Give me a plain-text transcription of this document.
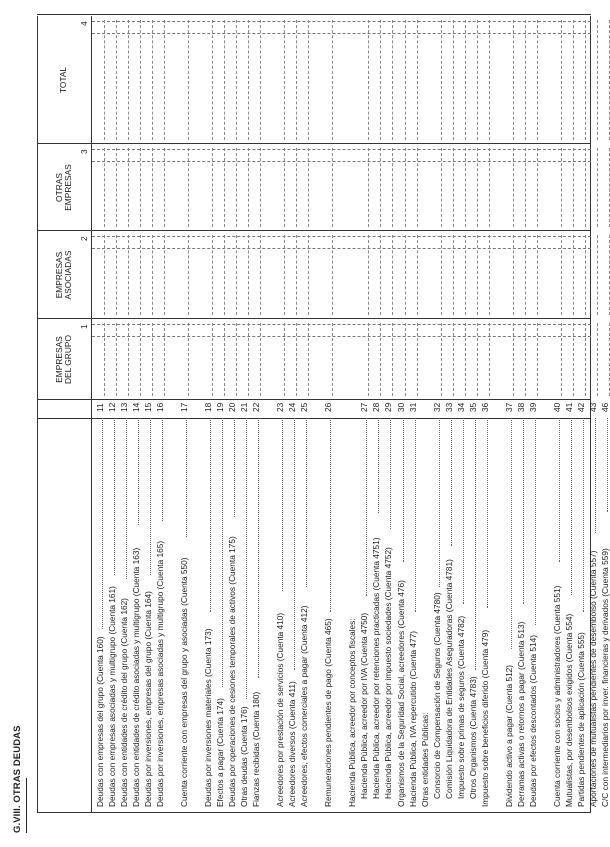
G.VIII. OTRAS DEUDAS
EMPRESAS DEL GRUPO
1
EMPRESAS ASOCIADAS
2
OTRAS EMPRESAS
3
TOTAL
4
Deudas con empresas del grupo (Cuenta 160)
11
Deudas con empresas asociadas y multigrupo (Cuenta 161)
12
Deudas con entidades de crédito del grupo (Cuenta 162)
13
Deudas con entidades de crédito asociadas y multigrupo (Cuenta 163)
14
Deudas por inversiones, empresas del grupo (Cuenta 164)
15
Deudas por inversiones, empresas asociadas y multigrupo (Cuenta 165)
16
Cuenta corriente con empresas del grupo y asociadas (Cuenta 550)
17
Deudas por inversiones materiales (Cuenta 173)
18
Efectos a pagar (Cuenta 174)
19
Deudas por operaciones de cesiones temporales de activos (Cuenta 175)
20
Otras deudas (Cuenta 176)
21
Fianzas recibidas (Cuenta 180)
22
Acreedores por prestación de servicios (Cuenta 410)
23
Acreedores diversos (Cuenta 411)
24
Acreedores, efectos comerciales a pagar (Cuenta 412)
25
Remuneraciones pendientes de pago (Cuenta 465)
26
Hacienda Pública, acreedor por conceptos fiscales: Hacienda Pública, acreedor por IVA (Cuenta 4750)
27
Hacienda Pública, acreedor por retenciones practicadas (Cuenta 4751)
28
Hacienda Pública, acreedor por impuesto sociedades (Cuenta 4752)
29
Organismos de la Seguridad Social, acreedores (Cuenta 476)
30
Hacienda Pública, IVA repercutido (Cuenta 477)
31
Otras entidades Públicas: Consorcio de Compensación de Seguros (Cuenta 4780)
32
Comisión Liquidadora de Entidades Aseguradoras (Cuenta 4781)
33
Impuesto sobre primas de seguros (Cuenta 4782)
34
Otros Organismos (Cuenta 4783)
35
Impuesto sobre beneficios diferido (Cuenta 479)
36
Dividendo activo a pagar (Cuenta 512)
37
Derramas activas o retornos a pagar (Cuenta 513)
38
Deudas por efectos descontados (Cuenta 514)
39
Cuenta corriente con socios y administradores (Cuenta 551)
40
Mutualistas, por desembolsos exigidos (Cuenta 554)
41
Partidas pendientes de aplicación (Cuenta 555)
42
Aportaciones de mutualistas pendientes de desembolso (Cuenta 557)
43
C/C con intermediarios por inver. financieras y derivados (Cuenta 559)
46
